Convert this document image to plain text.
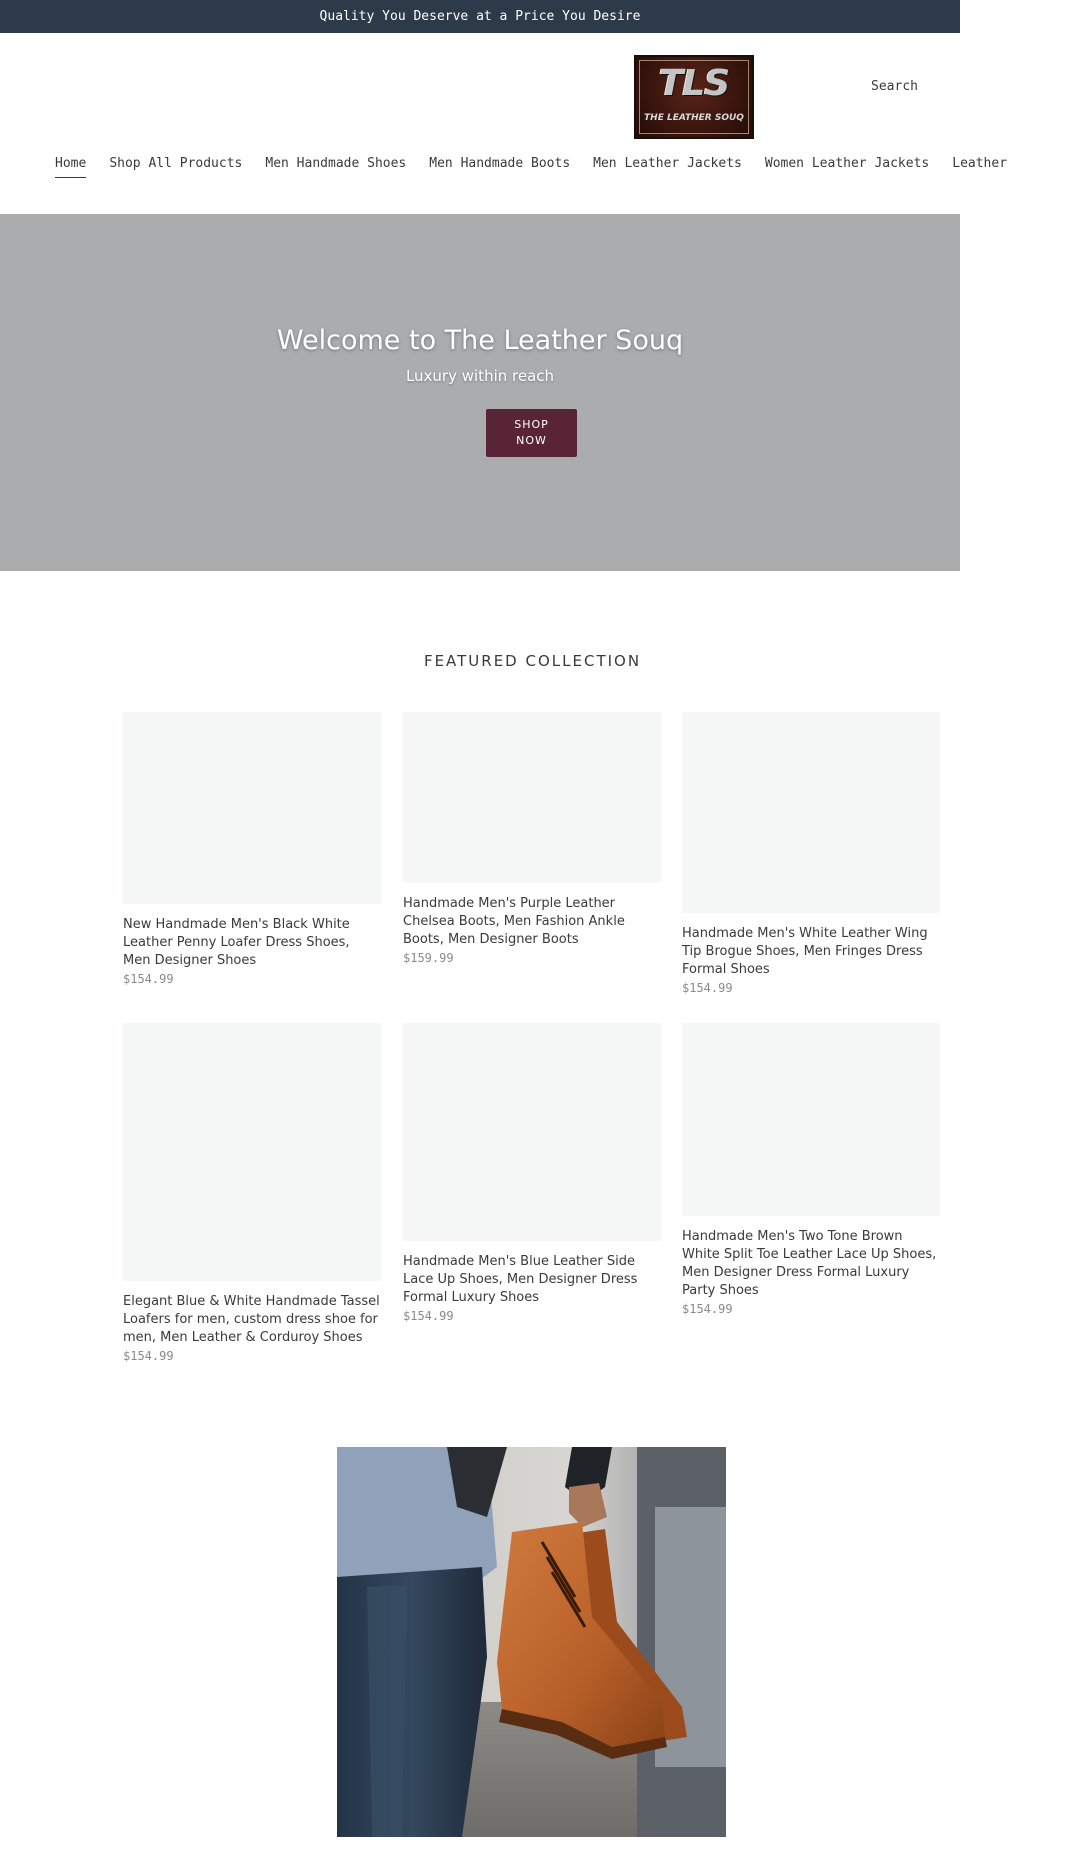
Quality You Deserve at a Price You Desire
TLS
THE LEATHER SOUQ
Search
Home Shop All Products Men Handmade Shoes Men Handmade Boots Men Leather Jackets Women Leather Jackets Leather
Welcome to The Leather Souq
Luxury within reach
SHOP NOW
FEATURED COLLECTION
New Handmade Men's Black White Leather Penny Loafer Dress Shoes, Men Designer Shoes
$154.99
Handmade Men's Purple Leather Chelsea Boots, Men Fashion Ankle Boots, Men Designer Boots
$159.99
Handmade Men's White Leather Wing Tip Brogue Shoes, Men Fringes Dress Formal Shoes
$154.99
Elegant Blue & White Handmade Tassel Loafers for men, custom dress shoe for men, Men Leather & Corduroy Shoes
$154.99
Handmade Men's Blue Leather Side Lace Up Shoes, Men Designer Dress Formal Luxury Shoes
$154.99
Handmade Men's Two Tone Brown White Split Toe Leather Lace Up Shoes, Men Designer Dress Formal Luxury Party Shoes
$154.99
